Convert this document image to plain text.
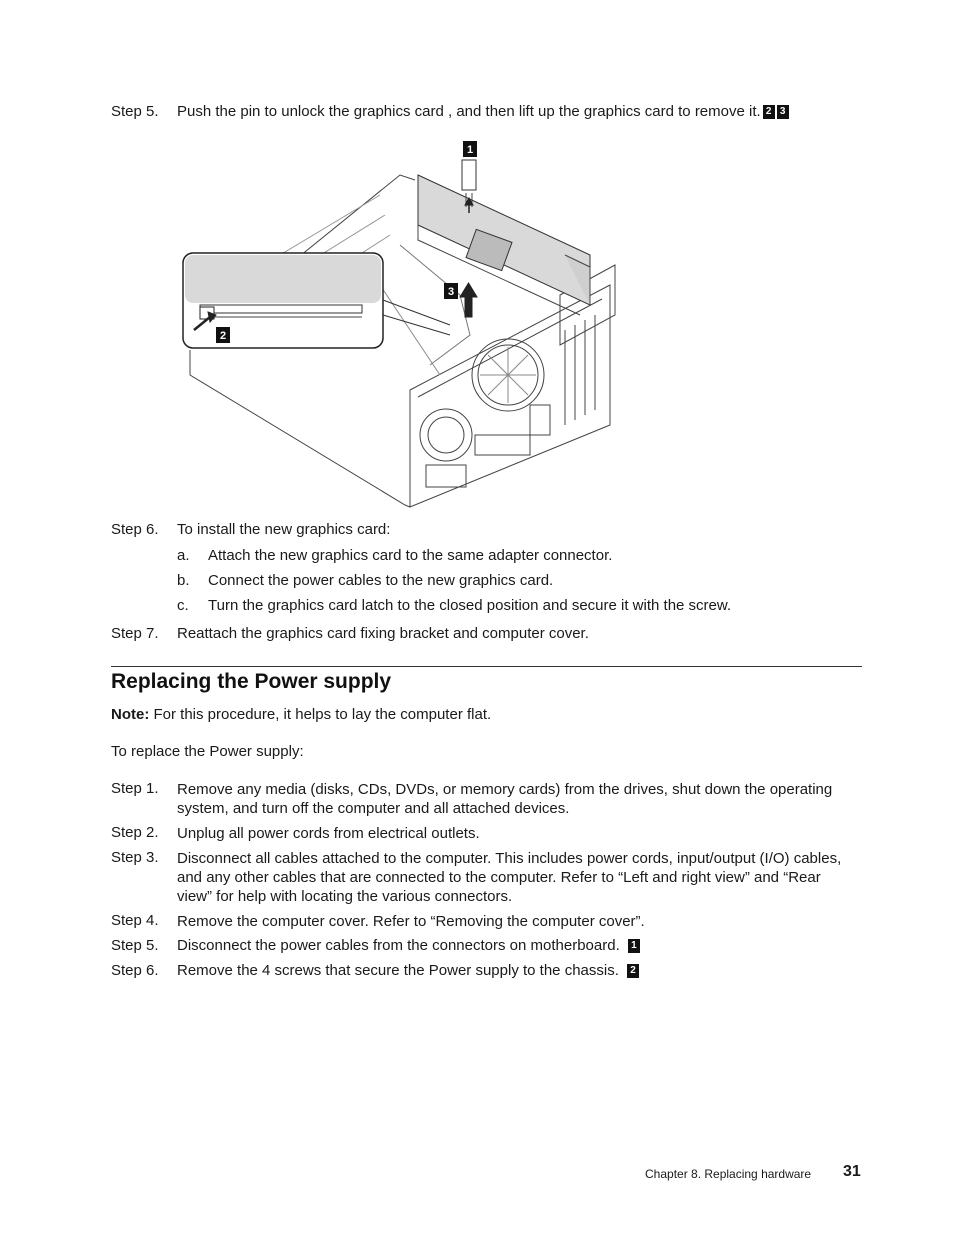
Step 5. Push the pin to unlock the graphics card , and then lift up the graphics card to remove it. 2 3
1
3
2
Step 6. To install the new graphics card:
a. Attach the new graphics card to the same adapter connector.
b. Connect the power cables to the new graphics card.
c. Turn the graphics card latch to the closed position and secure it with the screw.
Step 7. Reattach the graphics card fixing bracket and computer cover.
Replacing the Power supply
Note: For this procedure, it helps to lay the computer flat.
To replace the Power supply:
Step 1. Remove any media (disks, CDs, DVDs, or memory cards) from the drives, shut down the operating system, and turn off the computer and all attached devices.
Step 2. Unplug all power cords from electrical outlets.
Step 3. Disconnect all cables attached to the computer. This includes power cords, input/output (I/O) cables, and any other cables that are connected to the computer. Refer to “Left and right view” and “Rear view” for help with locating the various connectors.
Step 4. Remove the computer cover. Refer to “Removing the computer cover”.
Step 5. Disconnect the power cables from the connectors on motherboard. 1
Step 6. Remove the 4 screws that secure the Power supply to the chassis. 2
Chapter 8. Replacing hardware 31
